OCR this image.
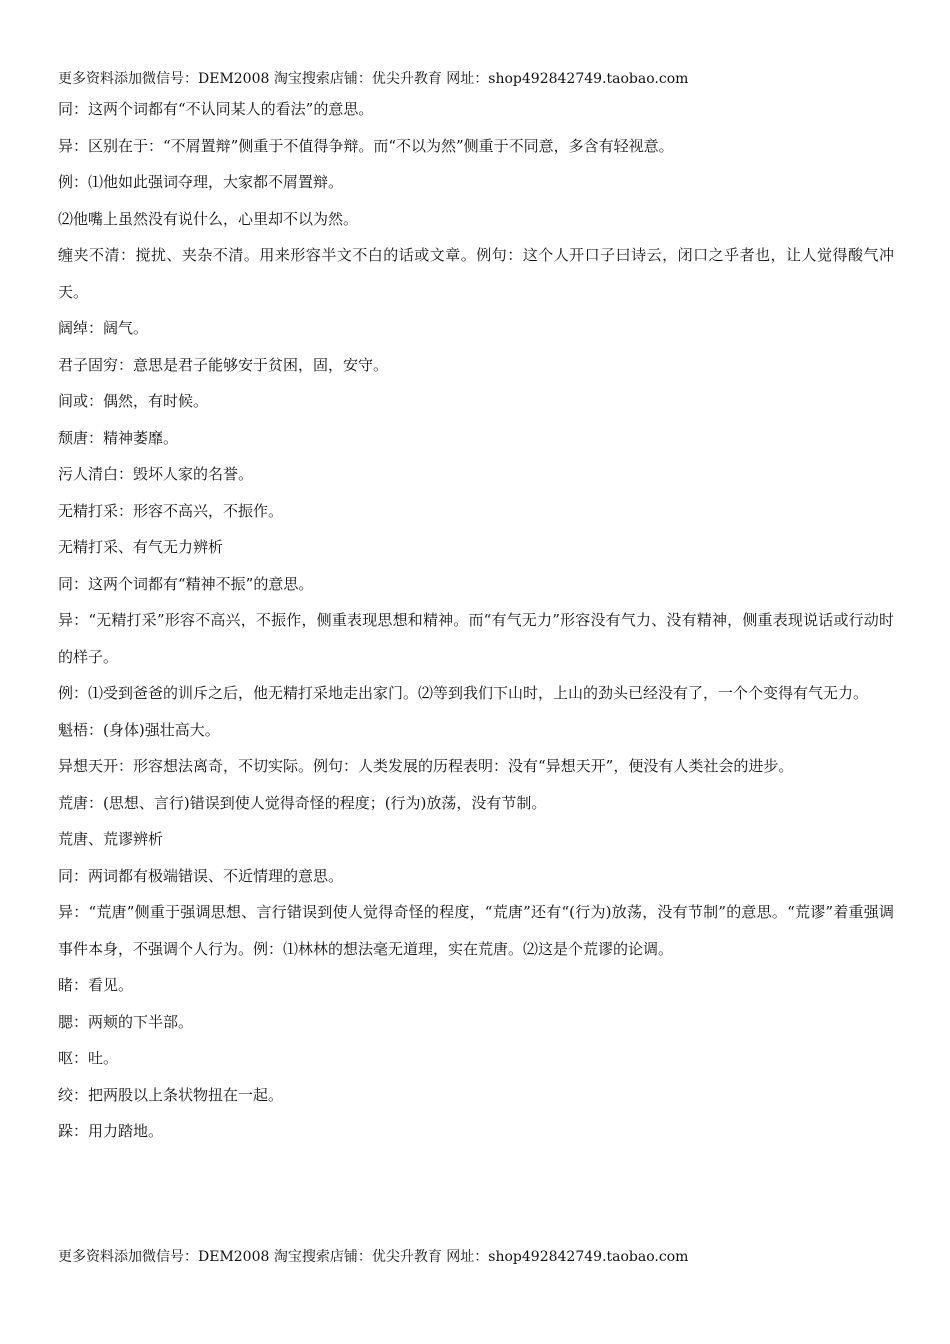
更多资料添加微信号：DEM2008 淘宝搜索店铺：优尖升教育 网址：shop492842749.taobao.com

同：这两个词都有“不认同某人的看法”的意思。

异：区别在于：“不屑置辩”侧重于不值得争辩。而“不以为然”侧重于不同意，多含有轻视意。

例：⑴他如此强词夺理，大家都不屑置辩。

⑵他嘴上虽然没有说什么，心里却不以为然。

缠夹不清：搅扰、夹杂不清。用来形容半文不白的话或文章。例句：这个人开口子曰诗云，闭口之乎者也，让人觉得酸气冲天。

阔绰：阔气。

君子固穷：意思是君子能够安于贫困，固，安守。

间或：偶然，有时候。

颓唐：精神萎靡。

污人清白：毁坏人家的名誉。

无精打采：形容不高兴，不振作。

无精打采、有气无力辨析

同：这两个词都有“精神不振”的意思。

异：“无精打采”形容不高兴，不振作，侧重表现思想和精神。而“有气无力”形容没有气力、没有精神，侧重表现说话或行动时的样子。

例：⑴受到爸爸的训斥之后，他无精打采地走出家门。⑵等到我们下山时，上山的劲头已经没有了，一个个变得有气无力。

魁梧：(身体)强壮高大。

异想天开：形容想法离奇，不切实际。例句：人类发展的历程表明：没有“异想天开”，便没有人类社会的进步。

荒唐：(思想、言行)错误到使人觉得奇怪的程度；(行为)放荡，没有节制。

荒唐、荒谬辨析

同：两词都有极端错误、不近情理的意思。

异：“荒唐”侧重于强调思想、言行错误到使人觉得奇怪的程度，“荒唐”还有“(行为)放荡，没有节制”的意思。“荒谬”着重强调事件本身，不强调个人行为。例：⑴林林的想法毫无道理，实在荒唐。⑵这是个荒谬的论调。

睹：看见。

腮：两颊的下半部。

呕：吐。

绞：把两股以上条状物扭在一起。

跺：用力踏地。

更多资料添加微信号：DEM2008 淘宝搜索店铺：优尖升教育 网址：shop492842749.taobao.com
